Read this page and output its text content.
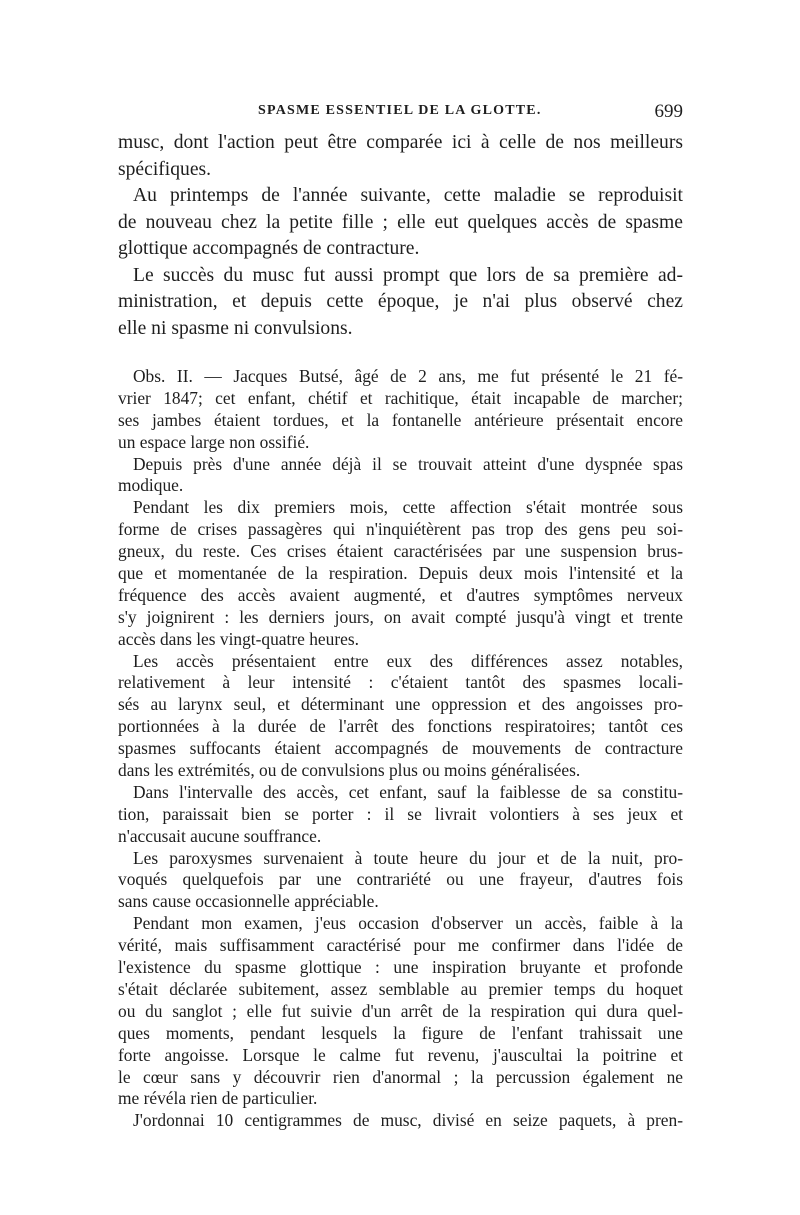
SPASME ESSENTIEL DE LA GLOTTE.	699
musc, dont l'action peut être comparée ici à celle de nos meilleurs
spécifiques.
Au printemps de l'année suivante, cette maladie se reproduisit
de nouveau chez la petite fille ; elle eut quelques accès de spasme
glottique accompagnés de contracture.
Le succès du musc fut aussi prompt que lors de sa première ad-
ministration, et depuis cette époque, je n'ai plus observé chez
elle ni spasme ni convulsions.
Obs. II. — Jacques Butsé, âgé de 2 ans, me fut présenté le 21 fé-
vrier 1847; cet enfant, chétif et rachitique, était incapable de marcher;
ses jambes étaient tordues, et la fontanelle antérieure présentait encore
un espace large non ossifié.
Depuis près d'une année déjà il se trouvait atteint d'une dyspnée spas
modique.
Pendant les dix premiers mois, cette affection s'était montrée sous
forme de crises passagères qui n'inquiétèrent pas trop des gens peu soi-
gneux, du reste. Ces crises étaient caractérisées par une suspension brus-
que et momentanée de la respiration. Depuis deux mois l'intensité et la
fréquence des accès avaient augmenté, et d'autres symptômes nerveux
s'y joignirent : les derniers jours, on avait compté jusqu'à vingt et trente
accès dans les vingt-quatre heures.
Les accès présentaient entre eux des différences assez notables,
relativement à leur intensité : c'étaient tantôt des spasmes locali-
sés au larynx seul, et déterminant une oppression et des angoisses pro-
portionnées à la durée de l'arrêt des fonctions respiratoires; tantôt ces
spasmes suffocants étaient accompagnés de mouvements de contracture
dans les extrémités, ou de convulsions plus ou moins généralisées.
Dans l'intervalle des accès, cet enfant, sauf la faiblesse de sa constitu-
tion, paraissait bien se porter : il se livrait volontiers à ses jeux et
n'accusait aucune souffrance.
Les paroxysmes survenaient à toute heure du jour et de la nuit, pro-
voqués quelquefois par une contrariété ou une frayeur, d'autres fois
sans cause occasionnelle appréciable.
Pendant mon examen, j'eus occasion d'observer un accès, faible à la
vérité, mais suffisamment caractérisé pour me confirmer dans l'idée de
l'existence du spasme glottique : une inspiration bruyante et profonde
s'était déclarée subitement, assez semblable au premier temps du hoquet
ou du sanglot ; elle fut suivie d'un arrêt de la respiration qui dura quel-
ques moments, pendant lesquels la figure de l'enfant trahissait une
forte angoisse. Lorsque le calme fut revenu, j'auscultai la poitrine et
le cœur sans y découvrir rien d'anormal ; la percussion également ne
me révéla rien de particulier.
J'ordonnai 10 centigrammes de musc, divisé en seize paquets, à pren-
